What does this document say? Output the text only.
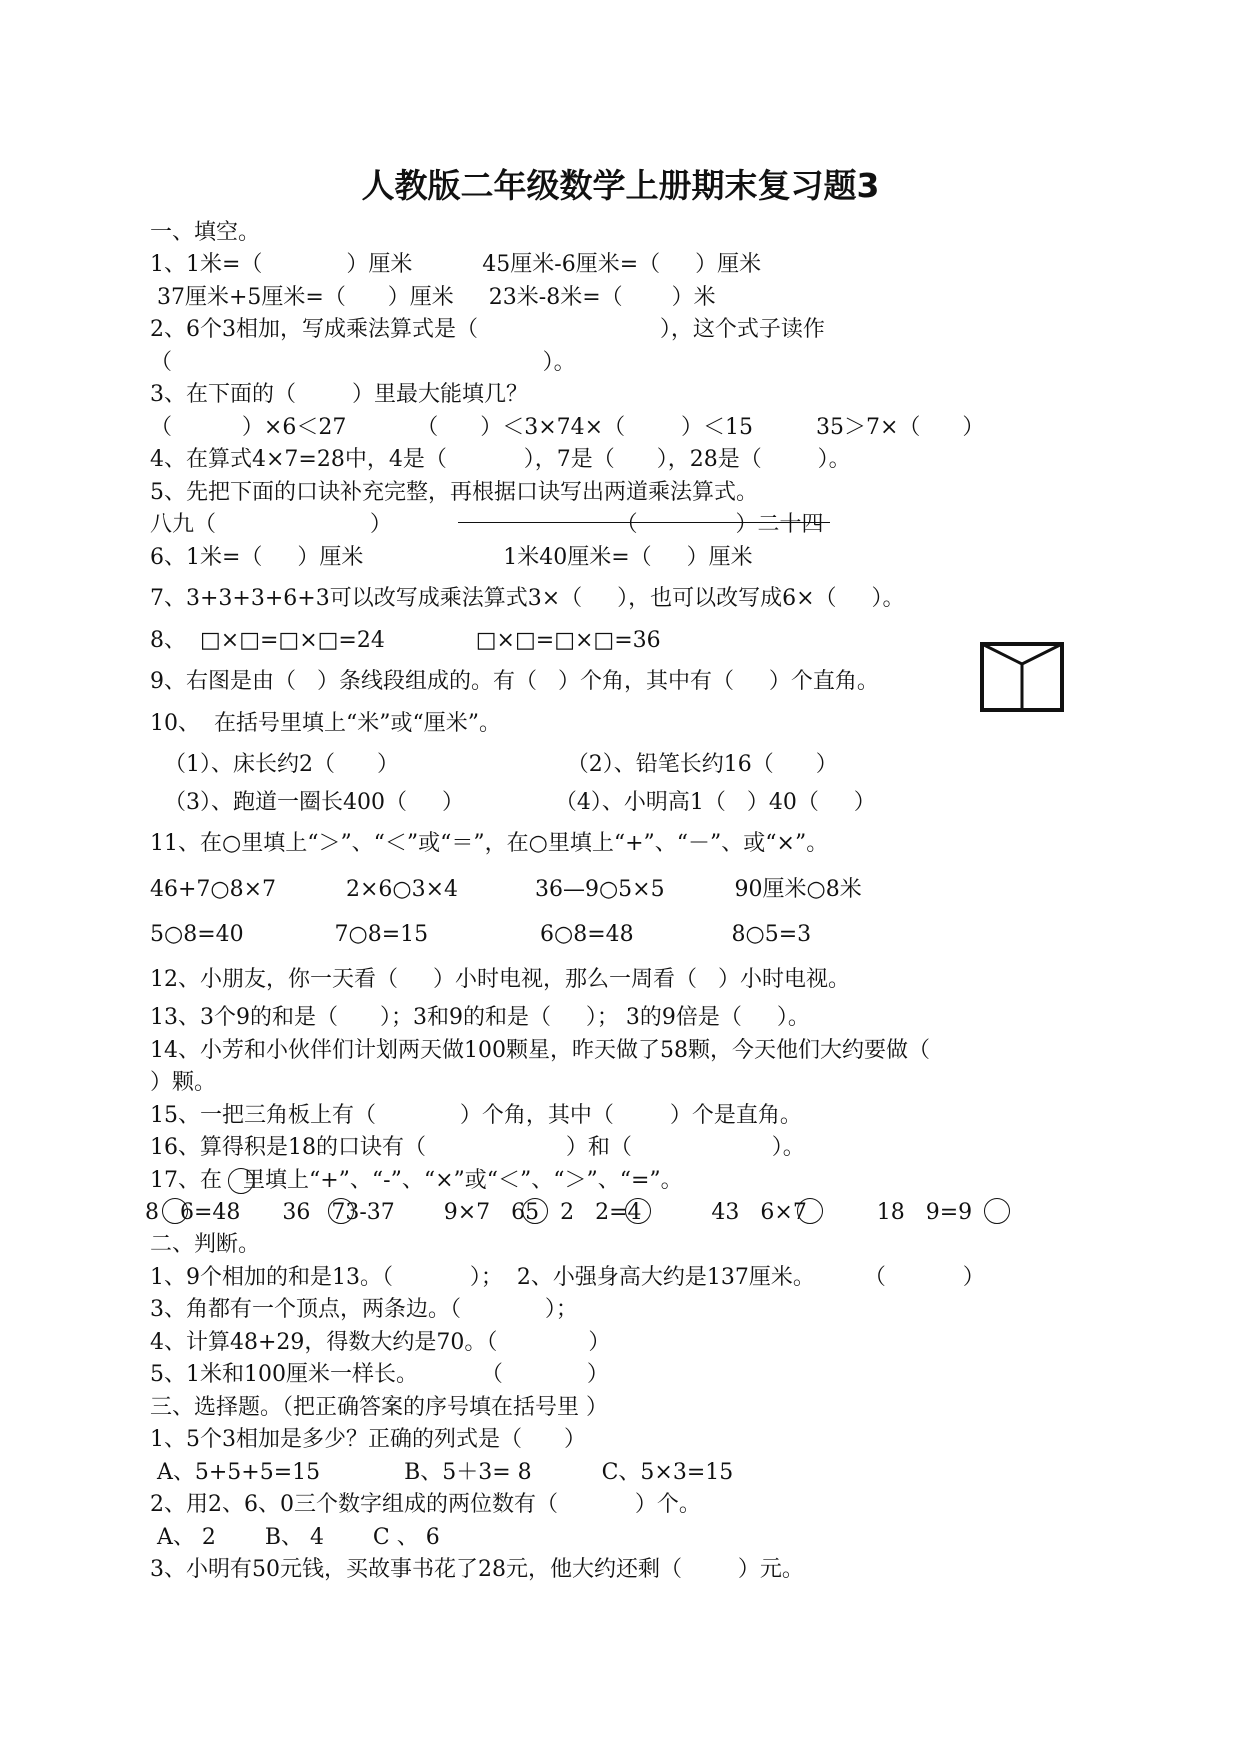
人教版二年级数学上册期末复习题3
一、填空。
1、1米=（            ）厘米          45厘米-6厘米=（     ）厘米
37厘米+5厘米=（      ）厘米     23米-8米=（       ）米
2、6个3相加，写成乘法算式是（                          ），这个式子读作
（                                                     ）。
3、在下面的（        ）里最大能填几？
（          ）×6＜27          （      ）＜3×74×（        ）＜15         35＞7×（      ）
4、在算式4×7=28中，4是（           ），7是（      ），28是（        ）。
5、先把下面的口诀补充完整，再根据口诀写出两道乘法算式。
八九（                      ）                                （              ）二十四
6、1米=（     ）厘米                    1米40厘米=（     ）厘米
7、3+3+3+6+3可以改写成乘法算式3×（     ），也可以改写成6×（     ）。
8、  □×□=□×□=24             □×□=□×□=36
9、右图是由（   ）条线段组成的。有（   ）个角，其中有（     ）个直角。
10、  在括号里填上“米”或“厘米”。
（1）、床长约2（      ）                        （2）、铅笔长约16（      ）
（3）、跑道一圈长400（     ）             （4）、小明高1（   ）40（     ）
11、在○里填上“＞”、“＜”或“＝”，在○里填上“+”、“－”、或“×”。
46+7○8×7          2×6○3×4           36—9○5×5          90厘米○8米
5○8=40             7○8=15                6○8=48              8○5=3
12、小朋友，你一天看（     ）小时电视，那么一周看（   ）小时电视。
13、3个9的和是（      ）；3和9的和是（     ）； 3的9倍是（     ）。
14、小芳和小伙伴们计划两天做100颗星，昨天做了58颗，今天他们大约要做（
）颗。
15、一把三角板上有（            ）个角，其中（        ）个是直角。
16、算得积是18的口诀有（                    ）和（                    ）。
17、在   里填上“+”、“-”、“×”或“＜”、“＞”、“=”。
8   6=48      36   73-37       9×7   65   2   2=4          43   6×7          18   9=9
二、判断。
1、9个相加的和是13。（           ）；  2、小强身高大约是137厘米。       （           ）
3、角都有一个顶点，两条边。（            ）；
4、计算48+29，得数大约是70。（             ）
5、1米和100厘米一样长。         （            ）
三、选择题。（把正确答案的序号填在括号里 ）
1、5个3相加是多少？正确的列式是（      ）
A、5+5+5=15            B、5＋3= 8          C、5×3=15
2、用2、6、0三个数字组成的两位数有（           ）个。
A、 2       B、 4       C 、 6
3、小明有50元钱，买故事书花了28元，他大约还剩（        ）元。
